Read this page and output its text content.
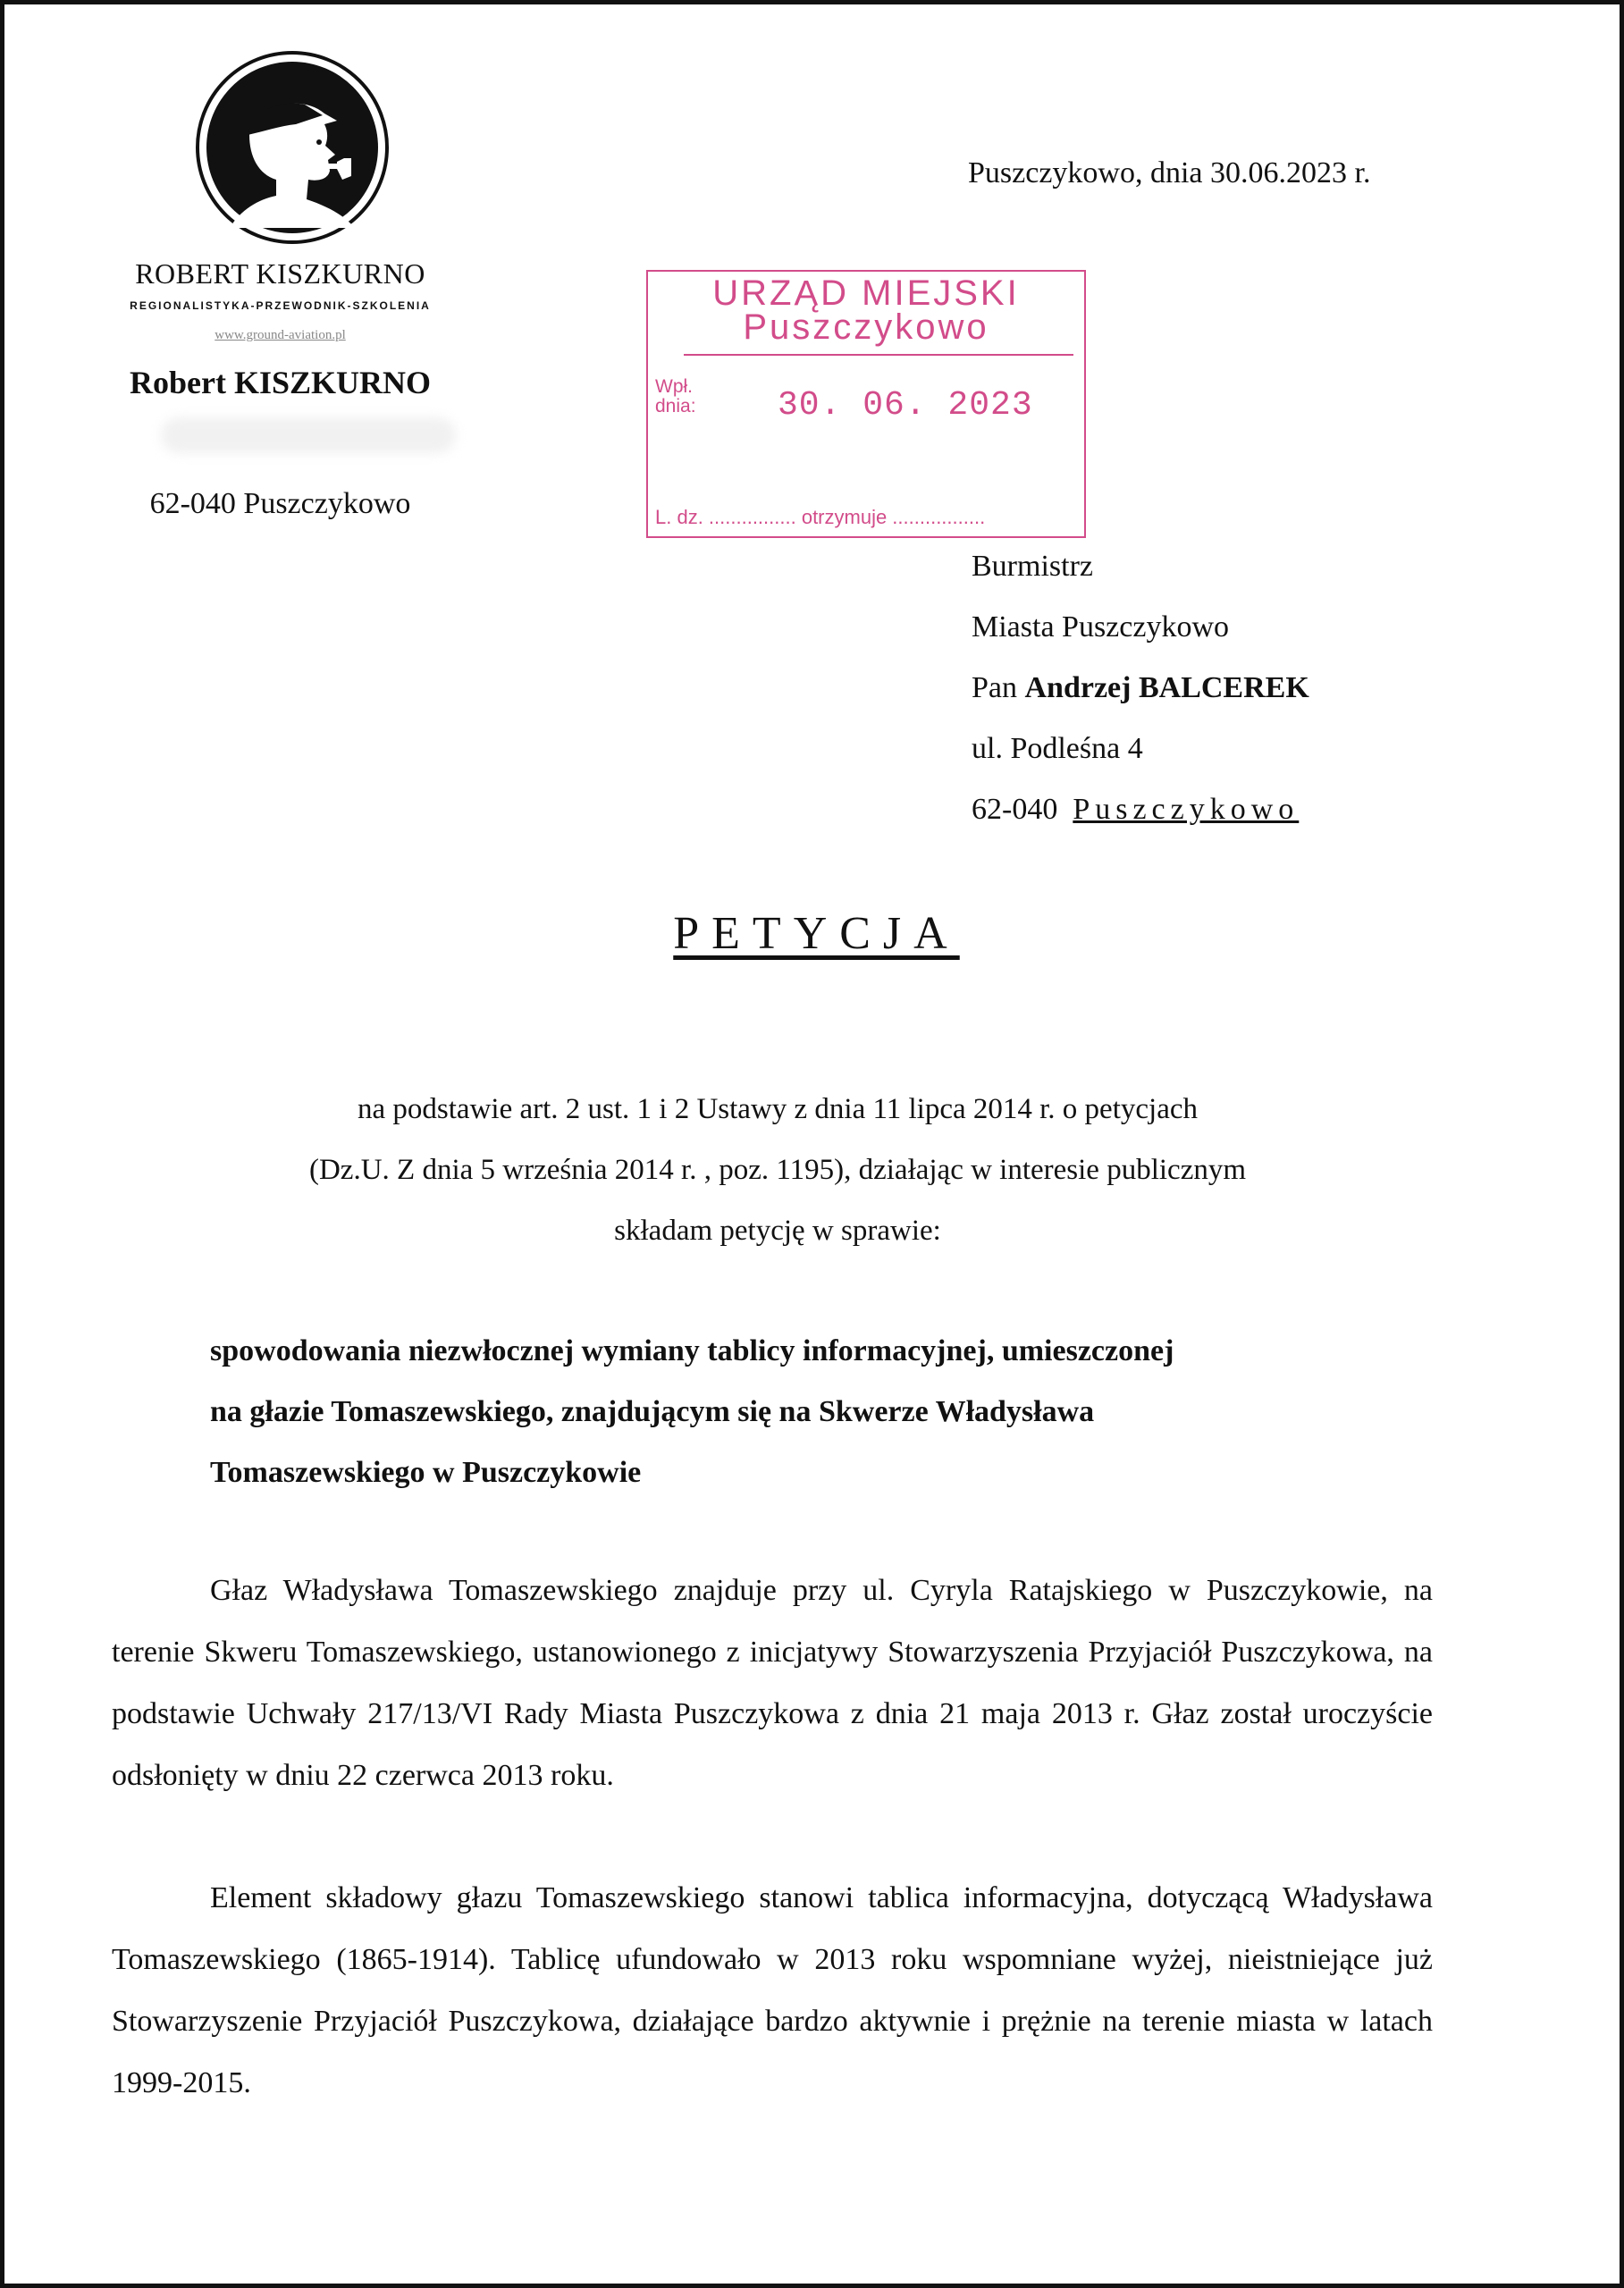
ROBERT KISZKURNO
REGIONALISTYKA-PRZEWODNIK-SZKOLENIA
www.ground-aviation.pl
Robert KISZKURNO
62-040 Puszczykowo
Puszczykowo, dnia 30.06.2023 r.
URZĄD MIEJSKI
Puszczykowo
Wpł.
dnia: 30. 06. 2023
L. dz. ................ otrzymuje .................
Burmistrz
Miasta Puszczykowo
Pan Andrzej BALCEREK
ul. Podleśna 4
62-040 Puszczykowo
PETYCJA
na podstawie art. 2 ust. 1 i 2 Ustawy z dnia 11 lipca 2014 r. o petycjach
(Dz.U. Z dnia 5 września 2014 r. , poz. 1195), działając w interesie publicznym
składam petycję w sprawie:
spowodowania niezwłocznej wymiany tablicy informacyjnej, umieszczonej
na głazie Tomaszewskiego, znajdującym się na Skwerze Władysława
Tomaszewskiego w Puszczykowie
Głaz Władysława Tomaszewskiego znajduje przy ul. Cyryla Ratajskiego w Puszczykowie, na terenie Skweru Tomaszewskiego, ustanowionego z inicjatywy Stowarzyszenia Przyjaciół Puszczykowa, na podstawie Uchwały 217/13/VI Rady Miasta Puszczykowa z dnia 21 maja 2013 r. Głaz został uroczyście odsłonięty w dniu 22 czerwca 2013 roku.
Element składowy głazu Tomaszewskiego stanowi tablica informacyjna, dotyczącą Władysława Tomaszewskiego (1865-1914). Tablicę ufundowało w 2013 roku wspomniane wyżej, nieistniejące już Stowarzyszenie Przyjaciół Puszczykowa, działające bardzo aktywnie i prężnie na terenie miasta w latach 1999-2015.
